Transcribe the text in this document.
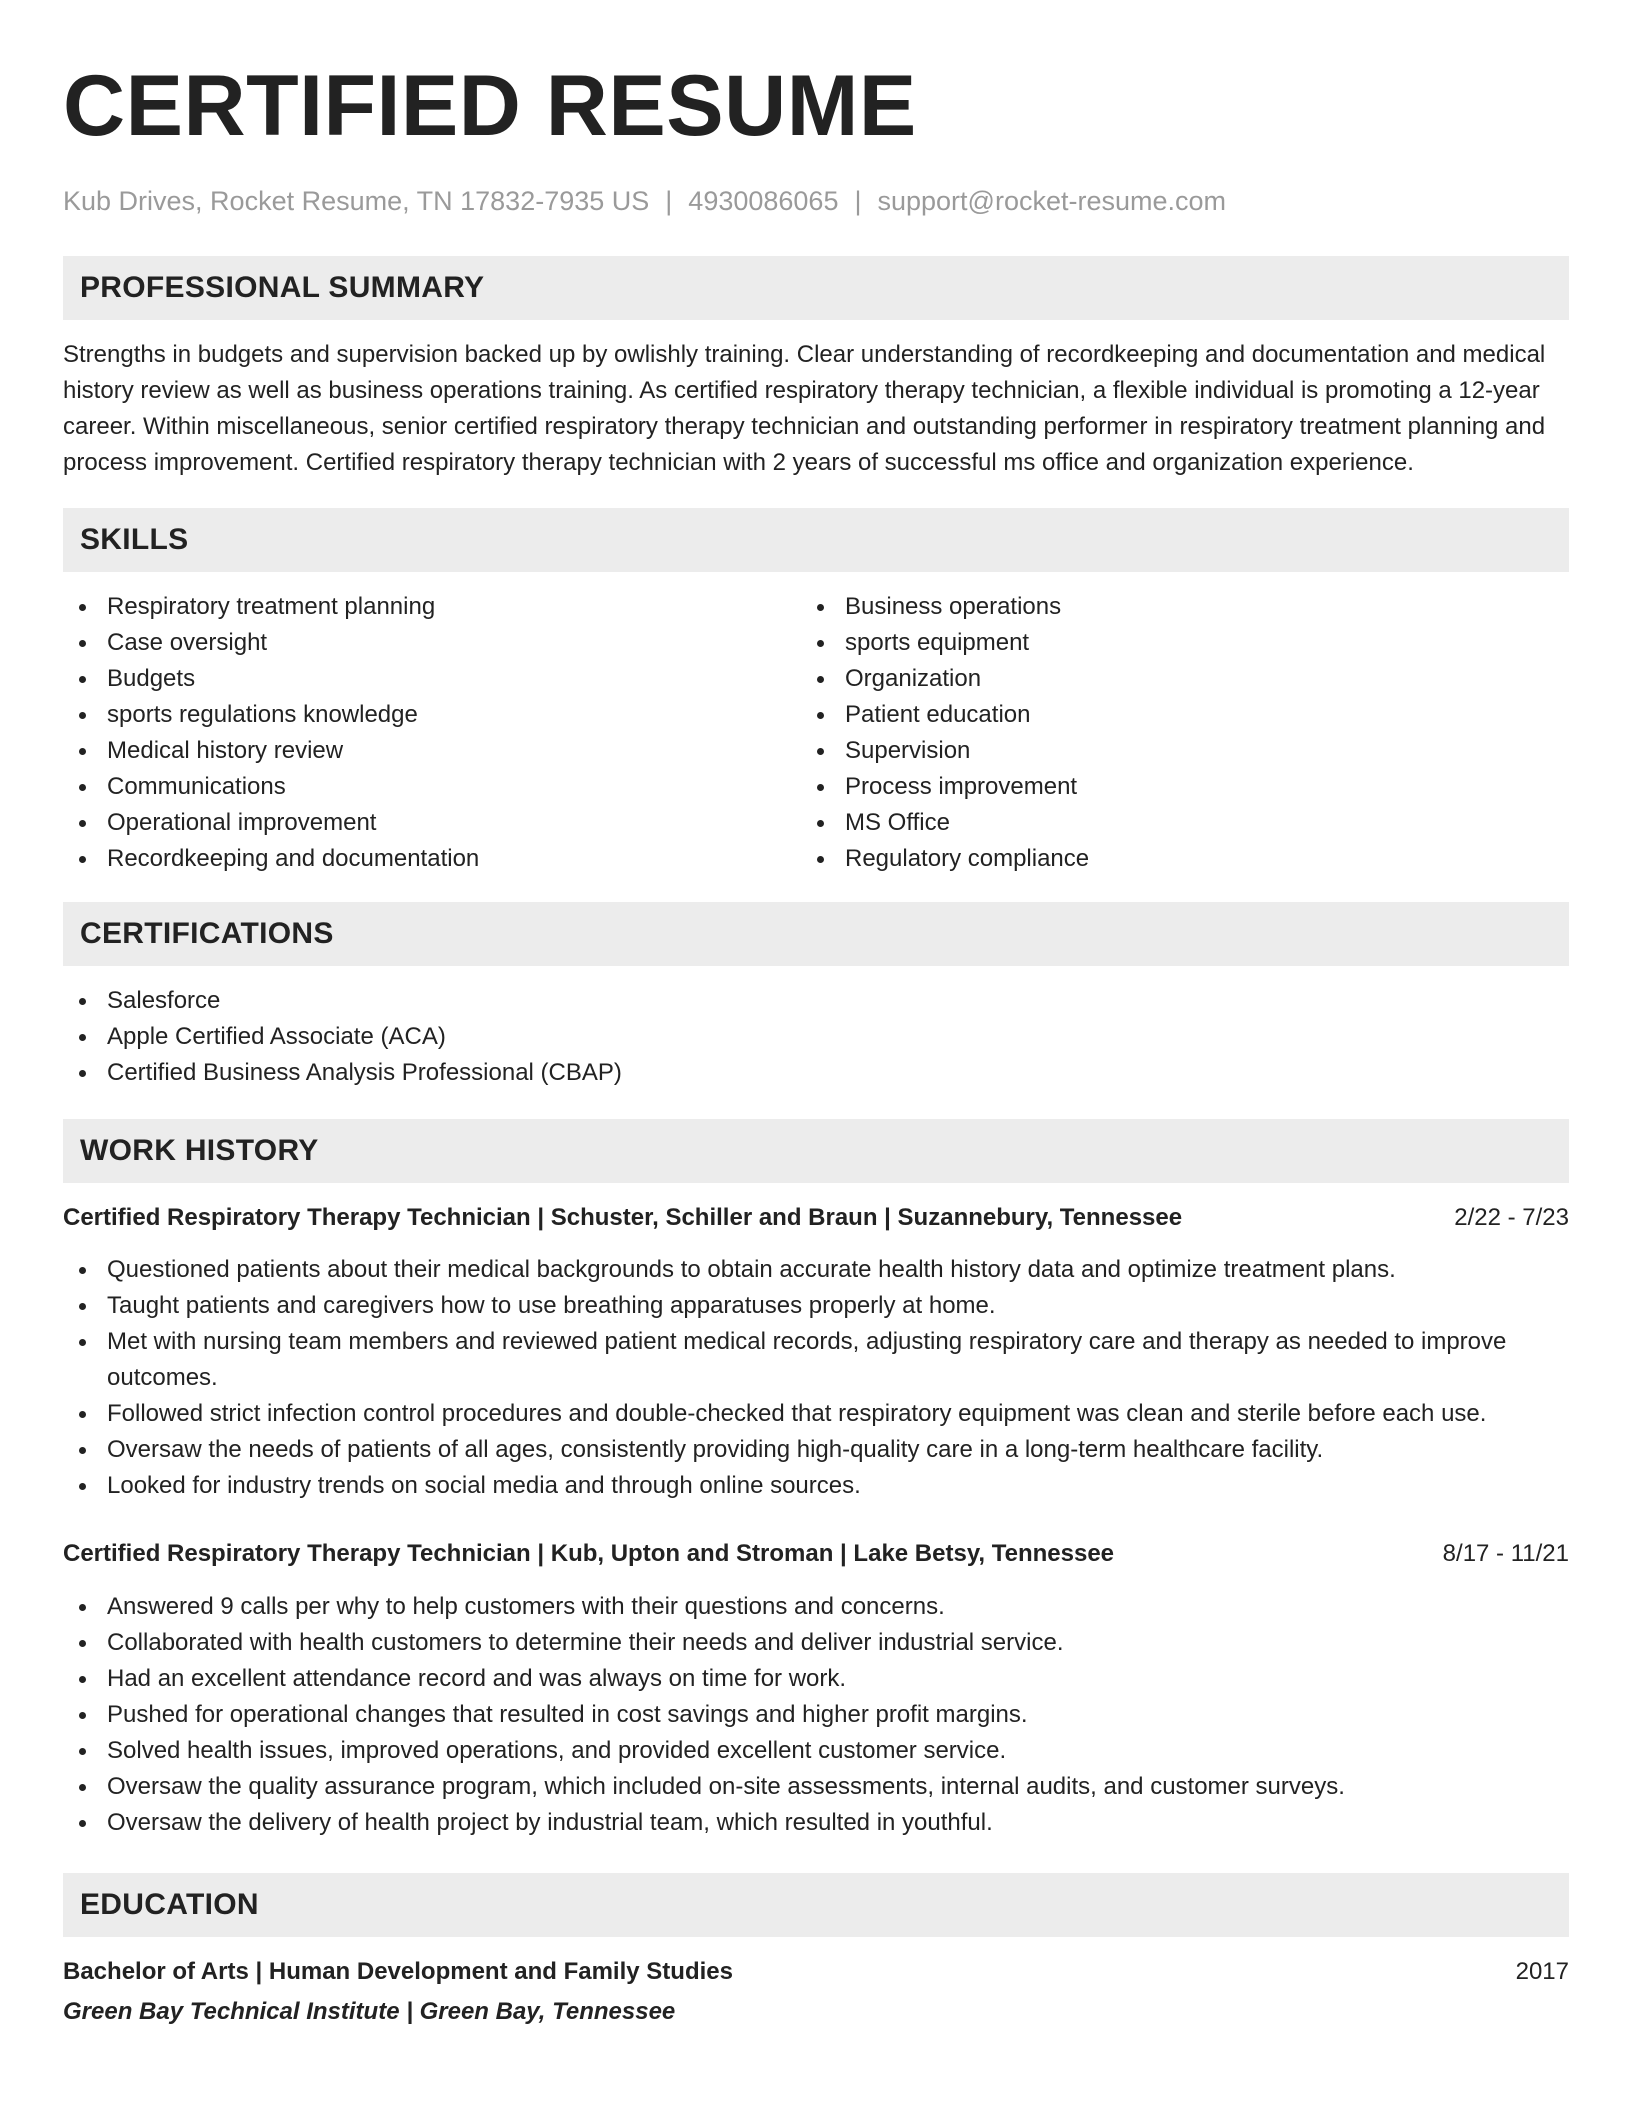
CERTIFIED RESUME
Kub Drives, Rocket Resume, TN 17832-7935 US | 4930086065 | support@rocket-resume.com
PROFESSIONAL SUMMARY

Strengths in budgets and supervision backed up by owlishly training. Clear understanding of recordkeeping and documentation and medical history review as well as business operations training. As certified respiratory therapy technician, a flexible individual is promoting a 12-year career. Within miscellaneous, senior certified respiratory therapy technician and outstanding performer in respiratory treatment planning and process improvement. Certified respiratory therapy technician with 2 years of successful ms office and organization experience.

SKILLS
Respiratory treatment planning
Case oversight
Budgets
sports regulations knowledge
Medical history review
Communications
Operational improvement
Recordkeeping and documentation
Business operations
sports equipment
Organization
Patient education
Supervision
Process improvement
MS Office
Regulatory compliance
CERTIFICATIONS
Salesforce
Apple Certified Associate (ACA)
Certified Business Analysis Professional (CBAP)
WORK HISTORY
Certified Respiratory Therapy Technician | Schuster, Schiller and Braun | Suzannebury, Tennessee	2/22 - 7/23
Questioned patients about their medical backgrounds to obtain accurate health history data and optimize treatment plans.
Taught patients and caregivers how to use breathing apparatuses properly at home.
Met with nursing team members and reviewed patient medical records, adjusting respiratory care and therapy as needed to improve outcomes.
Followed strict infection control procedures and double-checked that respiratory equipment was clean and sterile before each use.
Oversaw the needs of patients of all ages, consistently providing high-quality care in a long-term healthcare facility.
Looked for industry trends on social media and through online sources.
Certified Respiratory Therapy Technician | Kub, Upton and Stroman | Lake Betsy, Tennessee	8/17 - 11/21
Answered 9 calls per why to help customers with their questions and concerns.
Collaborated with health customers to determine their needs and deliver industrial service.
Had an excellent attendance record and was always on time for work.
Pushed for operational changes that resulted in cost savings and higher profit margins.
Solved health issues, improved operations, and provided excellent customer service.
Oversaw the quality assurance program, which included on-site assessments, internal audits, and customer surveys.
Oversaw the delivery of health project by industrial team, which resulted in youthful.
EDUCATION
Bachelor of Arts | Human Development and Family Studies	2017
Green Bay Technical Institute | Green Bay, Tennessee
